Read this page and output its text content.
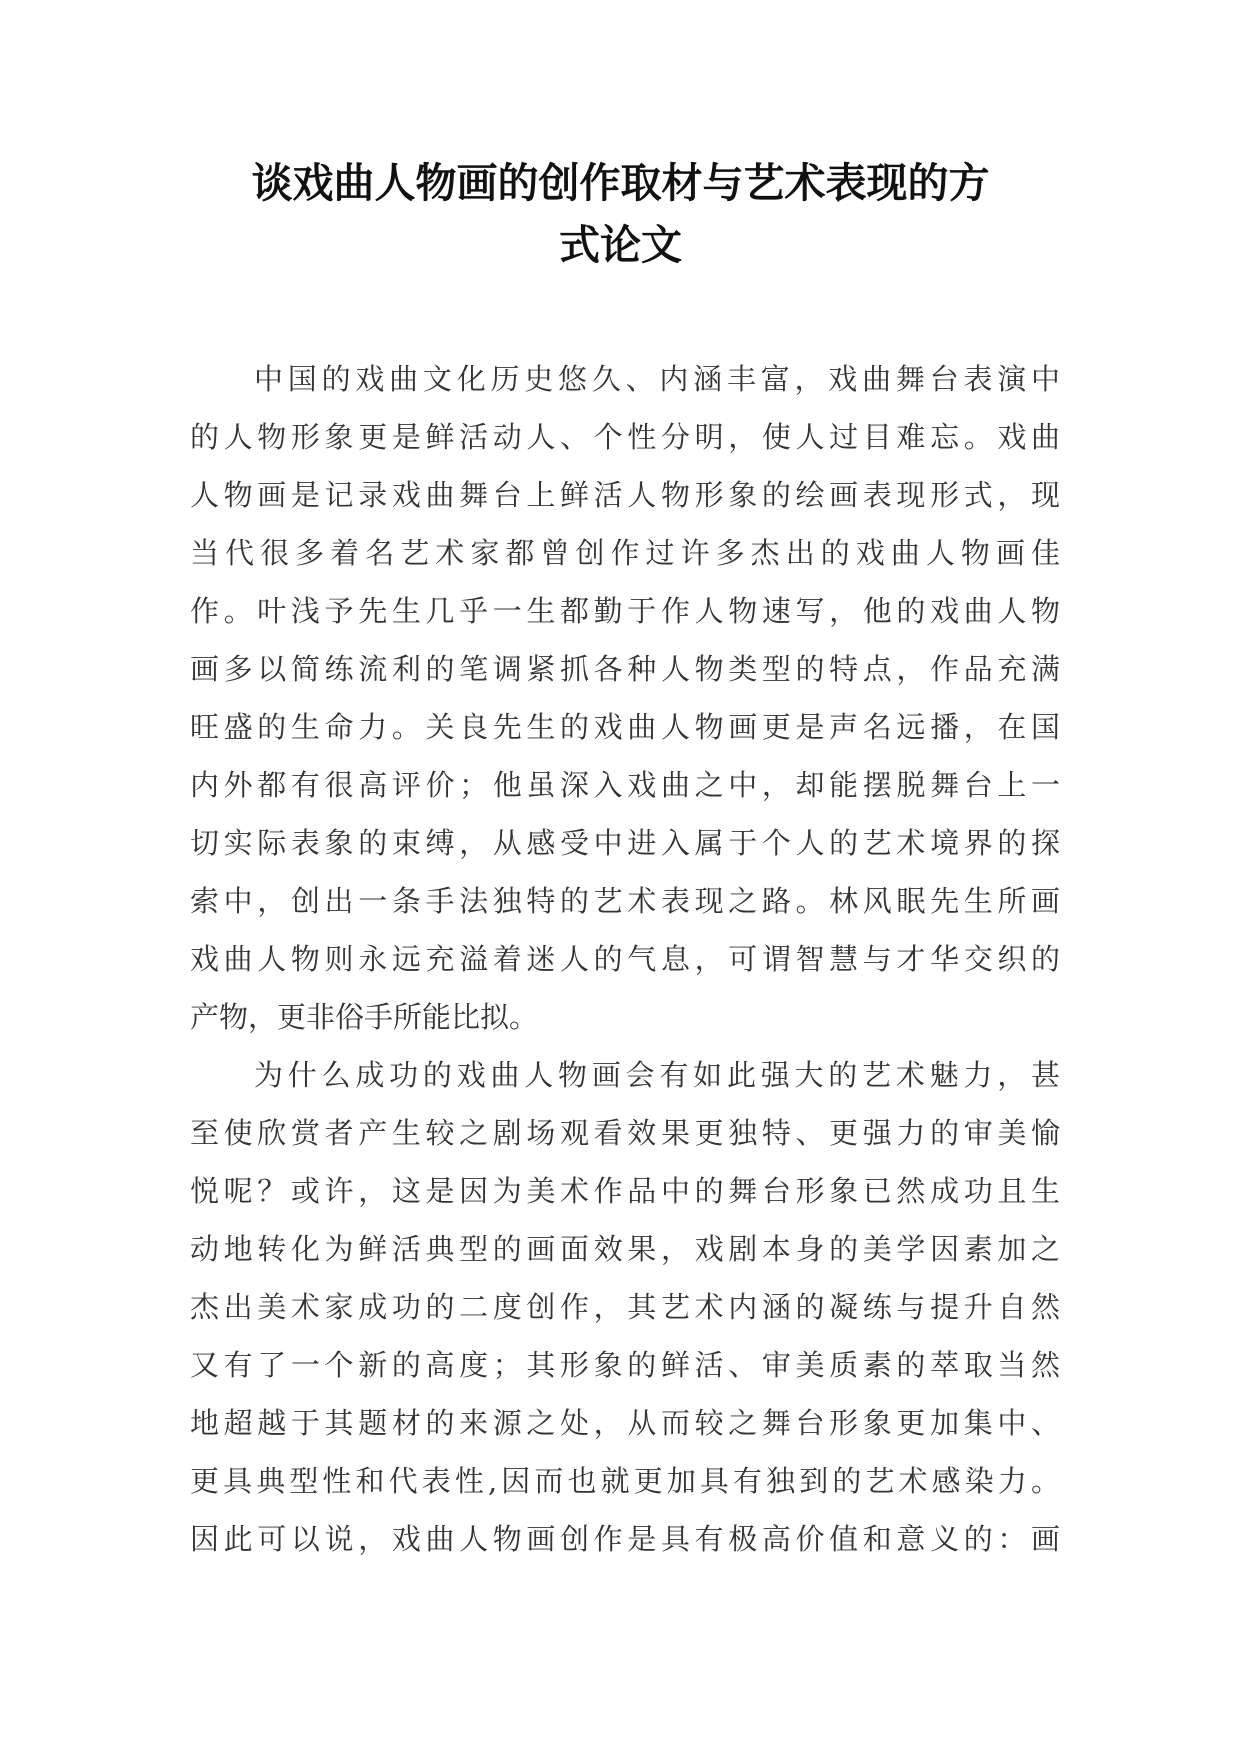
谈戏曲人物画的创作取材与艺术表现的方
式论文
中国的戏曲文化历史悠久、内涵丰富，戏曲舞台表演中
的人物形象更是鲜活动人、个性分明，使人过目难忘。戏曲
人物画是记录戏曲舞台上鲜活人物形象的绘画表现形式，现
当代很多着名艺术家都曾创作过许多杰出的戏曲人物画佳
作。叶浅予先生几乎一生都勤于作人物速写，他的戏曲人物
画多以简练流利的笔调紧抓各种人物类型的特点，作品充满
旺盛的生命力。关良先生的戏曲人物画更是声名远播，在国
内外都有很高评价；他虽深入戏曲之中，却能摆脱舞台上一
切实际表象的束缚，从感受中进入属于个人的艺术境界的探
索中，创出一条手法独特的艺术表现之路。林风眠先生所画
戏曲人物则永远充溢着迷人的气息，可谓智慧与才华交织的
产物，更非俗手所能比拟。
为什么成功的戏曲人物画会有如此强大的艺术魅力，甚
至使欣赏者产生较之剧场观看效果更独特、更强力的审美愉
悦呢？或许，这是因为美术作品中的舞台形象已然成功且生
动地转化为鲜活典型的画面效果，戏剧本身的美学因素加之
杰出美术家成功的二度创作，其艺术内涵的凝练与提升自然
又有了一个新的高度；其形象的鲜活、审美质素的萃取当然
地超越于其题材的来源之处，从而较之舞台形象更加集中、
更具典型性和代表性,因而也就更加具有独到的艺术感染力。
因此可以说，戏曲人物画创作是具有极高价值和意义的：画
